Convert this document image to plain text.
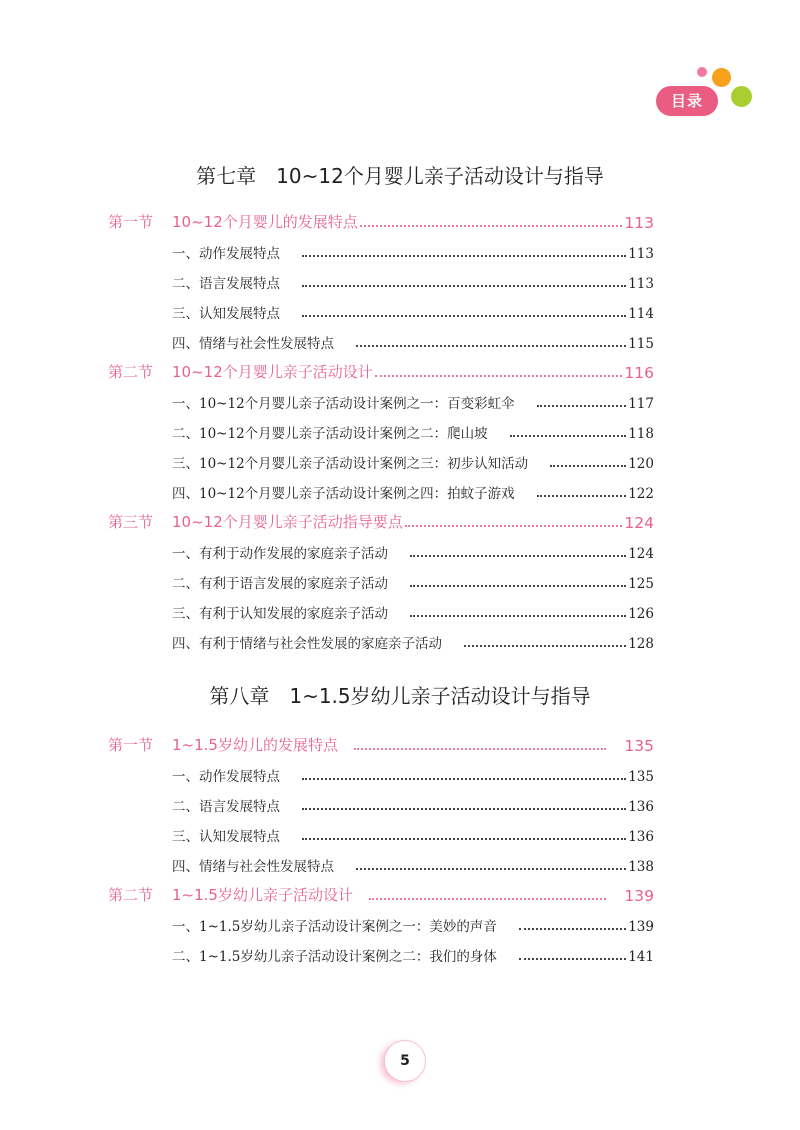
目录
第七章　10~12个月婴儿亲子活动设计与指导
第一节	10~12个月婴儿的发展特点	113
一、动作发展特点	113
二、语言发展特点	113
三、认知发展特点	114
四、情绪与社会性发展特点	115
第二节	10~12个月婴儿亲子活动设计	116
一、10~12个月婴儿亲子活动设计案例之一：百变彩虹伞	117
二、10~12个月婴儿亲子活动设计案例之二：爬山坡	118
三、10~12个月婴儿亲子活动设计案例之三：初步认知活动	120
四、10~12个月婴儿亲子活动设计案例之四：拍蚊子游戏	122
第三节	10~12个月婴儿亲子活动指导要点	124
一、有利于动作发展的家庭亲子活动	124
二、有利于语言发展的家庭亲子活动	125
三、有利于认知发展的家庭亲子活动	126
四、有利于情绪与社会性发展的家庭亲子活动	128
第八章　1~1.5岁幼儿亲子活动设计与指导
第一节	1~1.5岁幼儿的发展特点	135
一、动作发展特点	135
二、语言发展特点	136
三、认知发展特点	136
四、情绪与社会性发展特点	138
第二节	1~1.5岁幼儿亲子活动设计	139
一、1~1.5岁幼儿亲子活动设计案例之一：美妙的声音	139
二、1~1.5岁幼儿亲子活动设计案例之二：我们的身体	141
5
